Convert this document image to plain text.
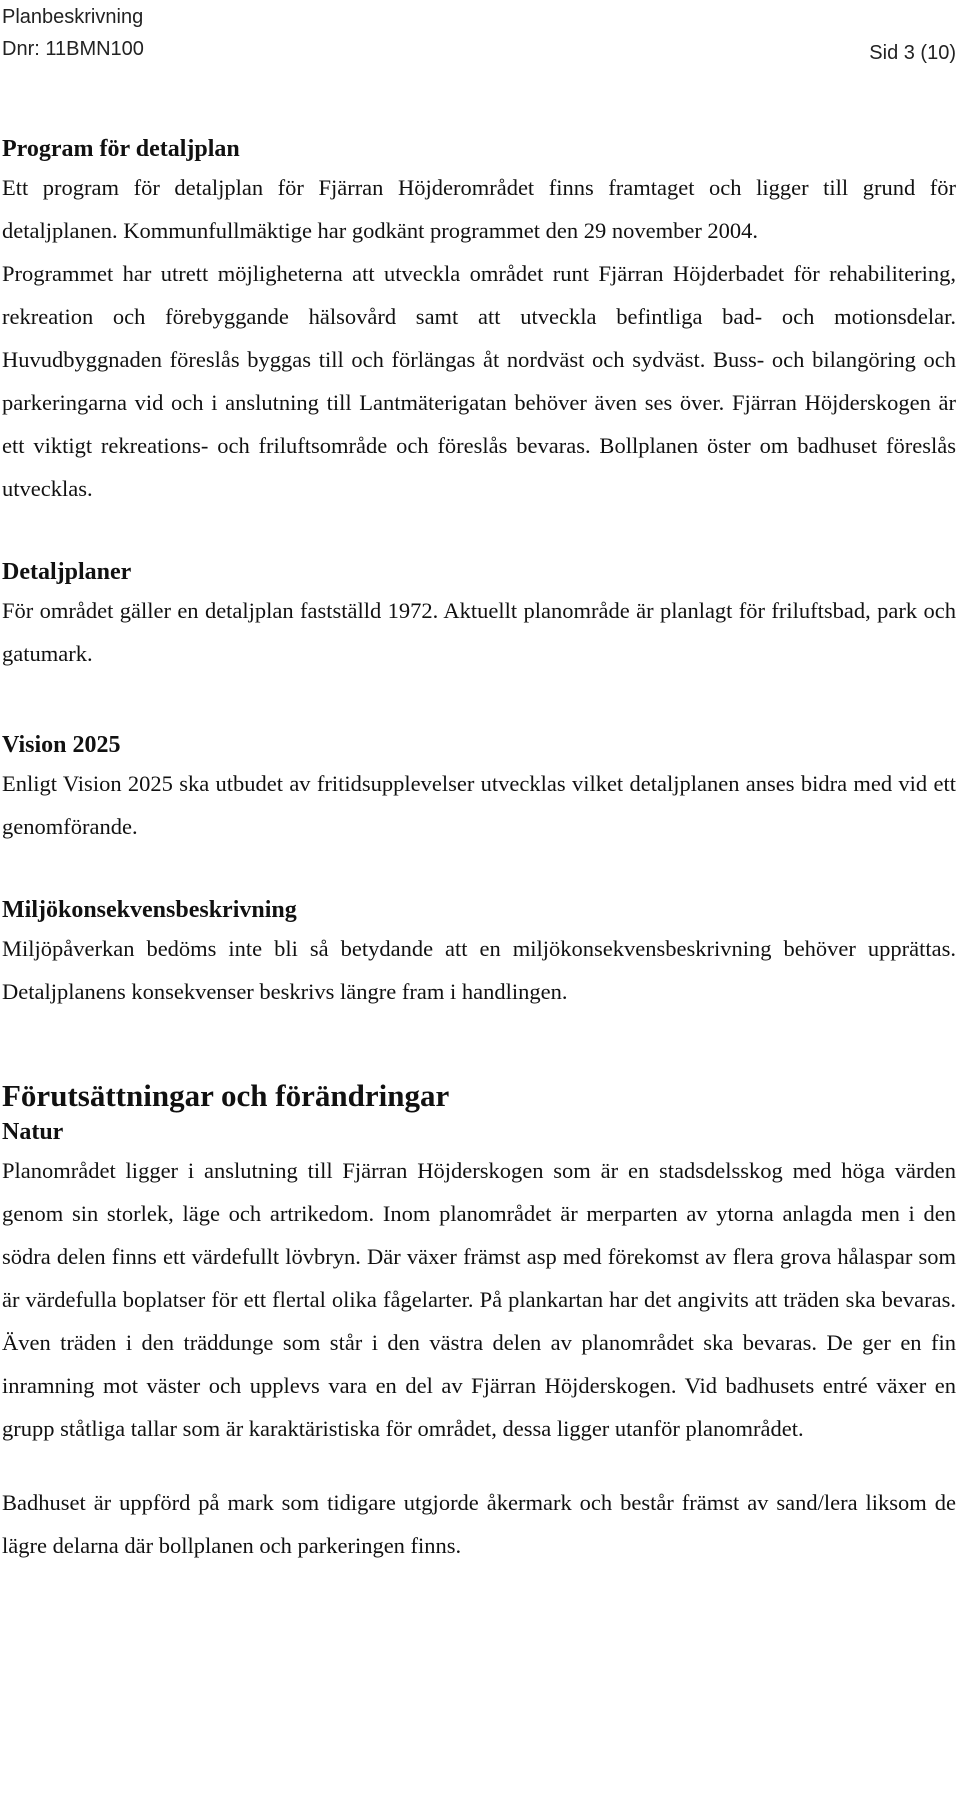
Planbeskrivning
Dnr: 11BMN100	Sid 3 (10)
Program för detaljplan

Ett program för detaljplan för Fjärran Höjderområdet finns framtaget och ligger till grund för detaljplanen. Kommunfullmäktige har godkänt programmet den 29 november 2004.

Programmet har utrett möjligheterna att utveckla området runt Fjärran Höjderbadet för rehabilitering, rekreation och förebyggande hälsovård samt att utveckla befintliga bad- och motionsdelar. Huvudbyggnaden föreslås byggas till och förlängas åt nordväst och sydväst. Buss- och bilangöring och parkeringarna vid och i anslutning till Lantmäterigatan behöver även ses över. Fjärran Höjderskogen är ett viktigt rekreations- och friluftsområde och föreslås bevaras. Bollplanen öster om badhuset föreslås utvecklas.

Detaljplaner

För området gäller en detaljplan fastställd 1972. Aktuellt planområde är planlagt för friluftsbad, park och gatumark.

Vision 2025

Enligt Vision 2025 ska utbudet av fritidsupplevelser utvecklas vilket detaljplanen anses bidra med vid ett genomförande.

Miljökonsekvensbeskrivning

Miljöpåverkan bedöms inte bli så betydande att en miljökonsekvensbeskrivning behöver upprättas. Detaljplanens konsekvenser beskrivs längre fram i handlingen.

Förutsättningar och förändringar
Natur

Planområdet ligger i anslutning till Fjärran Höjderskogen som är en stadsdelsskog med höga värden genom sin storlek, läge och artrikedom. Inom planområdet är merparten av ytorna anlagda men i den södra delen finns ett värdefullt lövbryn. Där växer främst asp med förekomst av flera grova hålaspar som är värdefulla boplatser för ett flertal olika fågelarter. På plankartan har det angivits att träden ska bevaras. Även träden i den träddunge som står i den västra delen av planområdet ska bevaras. De ger en fin inramning mot väster och upplevs vara en del av Fjärran Höjderskogen. Vid badhusets entré växer en grupp ståtliga tallar som är karaktäristiska för området, dessa ligger utanför planområdet.

Badhuset är uppförd på mark som tidigare utgjorde åkermark och består främst av sand/lera liksom de lägre delarna där bollplanen och parkeringen finns.
